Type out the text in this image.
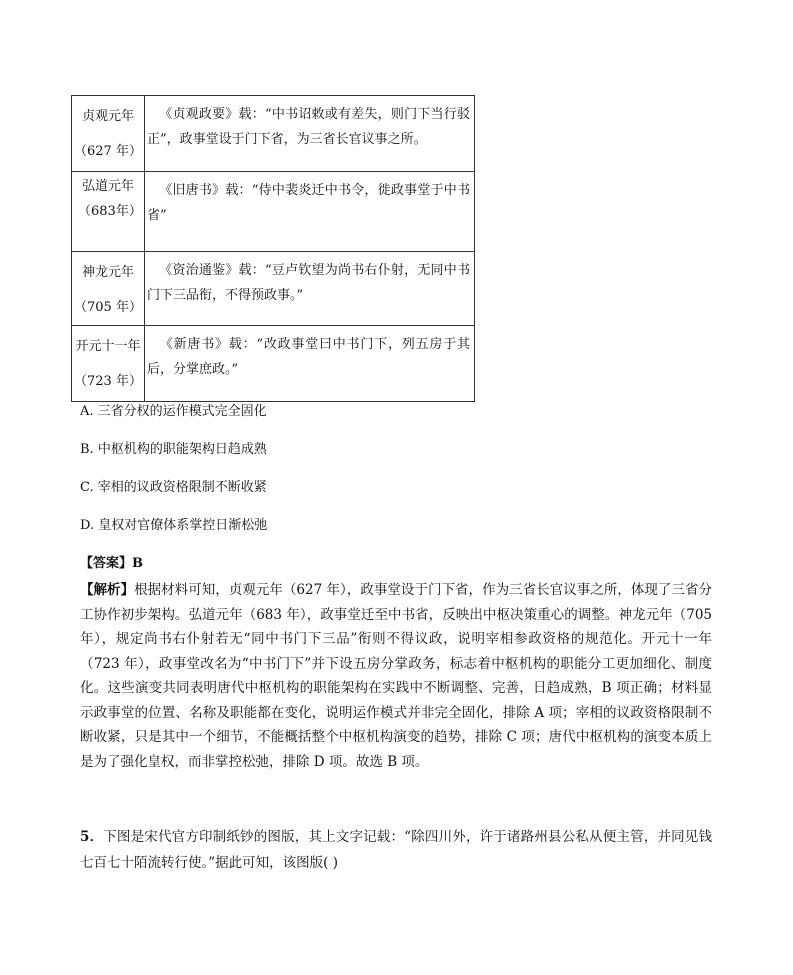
贞观元年
（627 年）	《贞观政要》载：“中书诏敕或有差失，则门下当行驳正”，政事堂设于门下省，为三省长官议事之所。

弘道元年（683年）	《旧唐书》载：“侍中裴炎迁中书令，徙政事堂于中书省”

神龙元年
（705 年）	《资治通鉴》载：“豆卢钦望为尚书右仆射，无同中书门下三品衔，不得预政事。”

开元十一年
（723 年）	《新唐书》载：“改政事堂曰中书门下，列五房于其后，分掌庶政。”
A. 三省分权的运作模式完全固化
B. 中枢机构的职能架构日趋成熟
C. 宰相的议政资格限制不断收紧
D. 皇权对官僚体系掌控日渐松弛
【答案】B
【解析】根据材料可知，贞观元年（627 年），政事堂设于门下省，作为三省长官议事之所，体现了三省分工协作初步架构。弘道元年（683 年），政事堂迁至中书省，反映出中枢决策重心的调整。神龙元年（705 年），规定尚书右仆射若无“同中书门下三品”衔则不得议政，说明宰相参政资格的规范化。开元十一年（723 年），政事堂改名为“中书门下”并下设五房分掌政务，标志着中枢机构的职能分工更加细化、制度化。这些演变共同表明唐代中枢机构的职能架构在实践中不断调整、完善，日趋成熟，B 项正确；材料显示政事堂的位置、名称及职能都在变化，说明运作模式并非完全固化，排除 A 项；宰相的议政资格限制不断收紧，只是其中一个细节，不能概括整个中枢机构演变的趋势，排除 C 项；唐代中枢机构的演变本质上是为了强化皇权，而非掌控松弛，排除 D 项。故选 B 项。
5．下图是宋代官方印制纸钞的图版，其上文字记载：“除四川外，许于诸路州县公私从便主管，并同见钱七百七十陌流转行使。”据此可知，该图版( )
